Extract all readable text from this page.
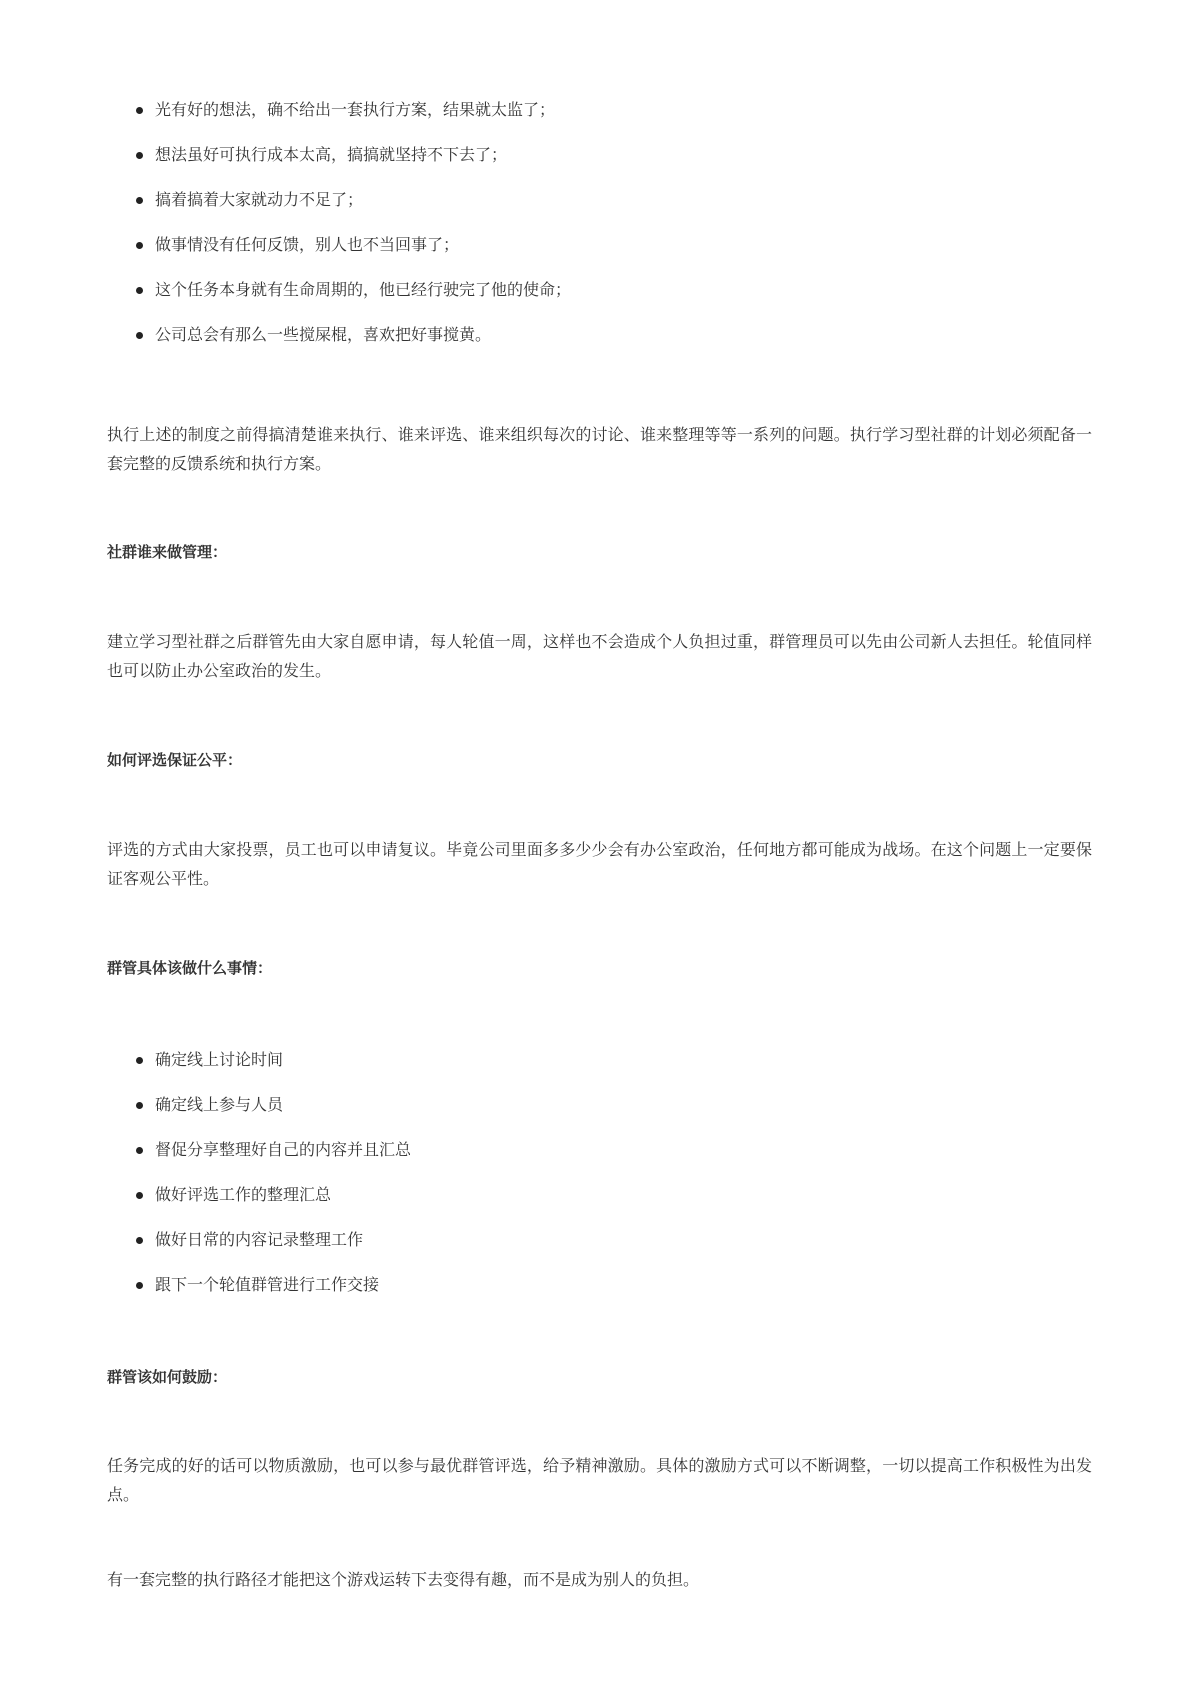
光有好的想法，确不给出一套执行方案，结果就太监了；
想法虽好可执行成本太高，搞搞就坚持不下去了；
搞着搞着大家就动力不足了；
做事情没有任何反馈，别人也不当回事了；
这个任务本身就有生命周期的，他已经行驶完了他的使命；
公司总会有那么一些搅屎棍，喜欢把好事搅黄。

执行上述的制度之前得搞清楚谁来执行、谁来评选、谁来组织每次的讨论、谁来整理等等一系列的问题。执行学习型社群的计划必须配备一套完整的反馈系统和执行方案。

社群谁来做管理：

建立学习型社群之后群管先由大家自愿申请，每人轮值一周，这样也不会造成个人负担过重，群管理员可以先由公司新人去担任。轮值同样也可以防止办公室政治的发生。

如何评选保证公平：

评选的方式由大家投票，员工也可以申请复议。毕竟公司里面多多少少会有办公室政治，任何地方都可能成为战场。在这个问题上一定要保证客观公平性。

群管具体该做什么事情：

确定线上讨论时间
确定线上参与人员
督促分享整理好自己的内容并且汇总
做好评选工作的整理汇总
做好日常的内容记录整理工作
跟下一个轮值群管进行工作交接

群管该如何鼓励：

任务完成的好的话可以物质激励，也可以参与最优群管评选，给予精神激励。具体的激励方式可以不断调整，一切以提高工作积极性为出发点。

有一套完整的执行路径才能把这个游戏运转下去变得有趣，而不是成为别人的负担。
